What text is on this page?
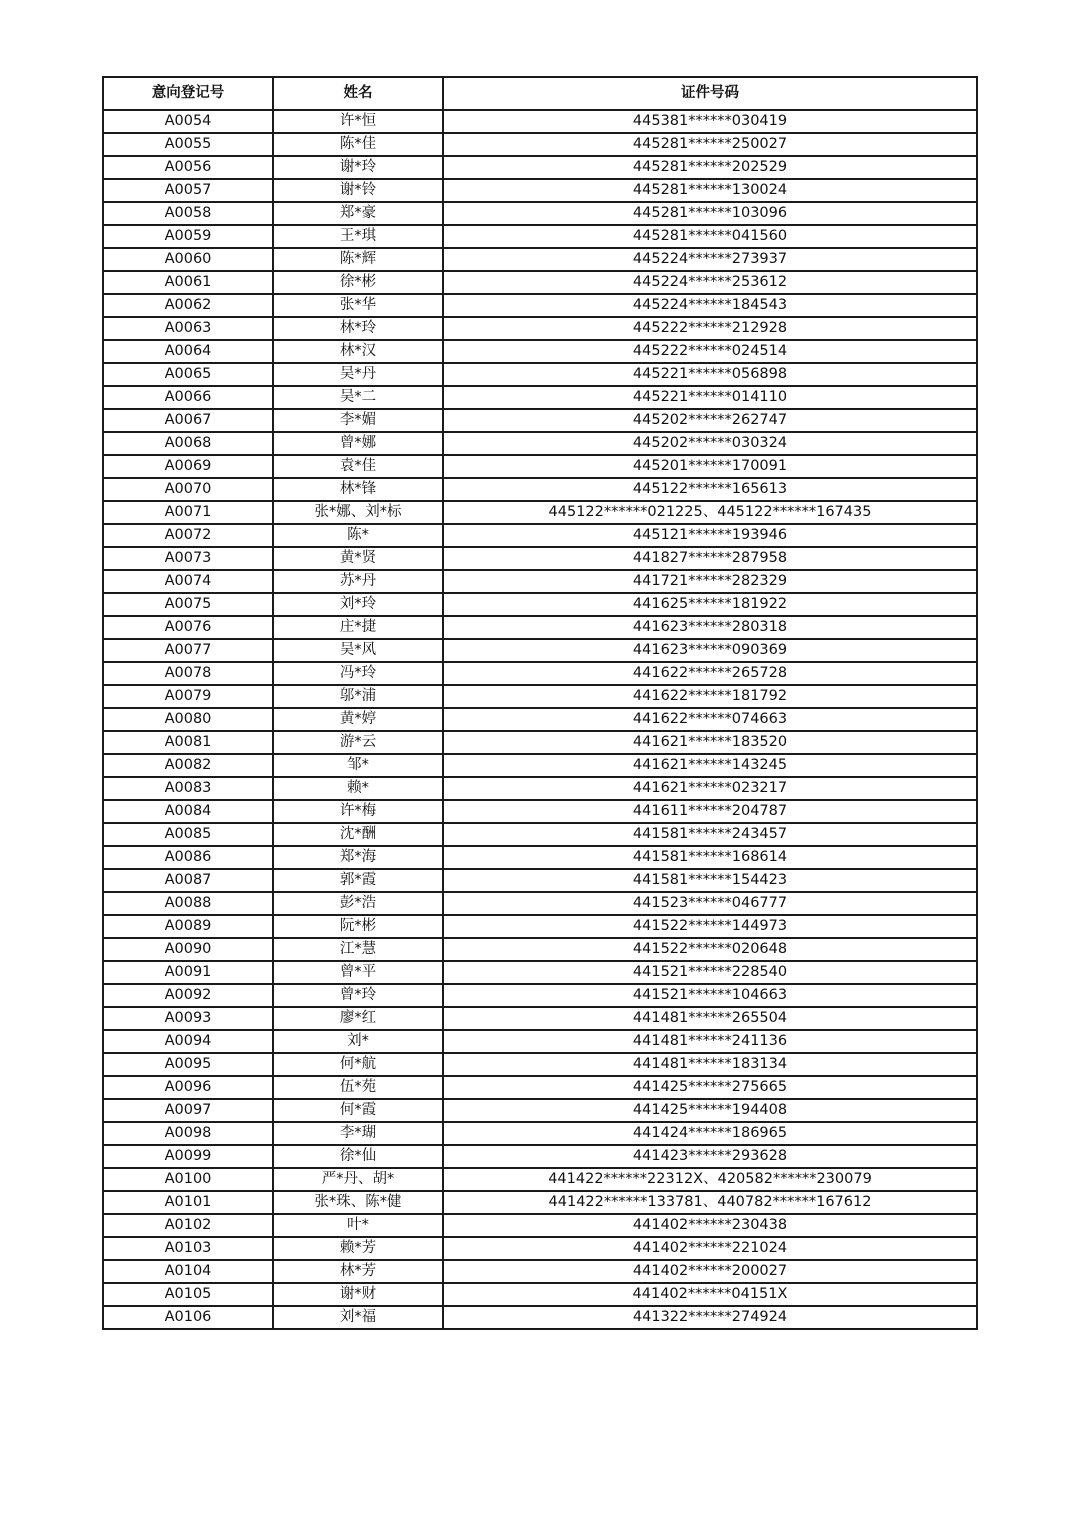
意向登记号	姓名	证件号码
A0054	许*恒	445381******030419
A0055	陈*佳	445281******250027
A0056	谢*玲	445281******202529
A0057	谢*铃	445281******130024
A0058	郑*豪	445281******103096
A0059	王*琪	445281******041560
A0060	陈*辉	445224******273937
A0061	徐*彬	445224******253612
A0062	张*华	445224******184543
A0063	林*玲	445222******212928
A0064	林*汉	445222******024514
A0065	吴*丹	445221******056898
A0066	吴*二	445221******014110
A0067	李*媚	445202******262747
A0068	曾*娜	445202******030324
A0069	袁*佳	445201******170091
A0070	林*锋	445122******165613
A0071	张*娜、刘*标	445122******021225、445122******167435
A0072	陈*	445121******193946
A0073	黄*贤	441827******287958
A0074	苏*丹	441721******282329
A0075	刘*玲	441625******181922
A0076	庄*捷	441623******280318
A0077	吴*风	441623******090369
A0078	冯*玲	441622******265728
A0079	邬*浦	441622******181792
A0080	黄*婷	441622******074663
A0081	游*云	441621******183520
A0082	邹*	441621******143245
A0083	赖*	441621******023217
A0084	许*梅	441611******204787
A0085	沈*酬	441581******243457
A0086	郑*海	441581******168614
A0087	郭*霞	441581******154423
A0088	彭*浩	441523******046777
A0089	阮*彬	441522******144973
A0090	江*慧	441522******020648
A0091	曾*平	441521******228540
A0092	曾*玲	441521******104663
A0093	廖*红	441481******265504
A0094	刘*	441481******241136
A0095	何*航	441481******183134
A0096	伍*苑	441425******275665
A0097	何*霞	441425******194408
A0098	李*瑚	441424******186965
A0099	徐*仙	441423******293628
A0100	严*丹、胡*	441422******22312X、420582******230079
A0101	张*珠、陈*健	441422******133781、440782******167612
A0102	叶*	441402******230438
A0103	赖*芳	441402******221024
A0104	林*芳	441402******200027
A0105	谢*财	441402******04151X
A0106	刘*福	441322******274924
